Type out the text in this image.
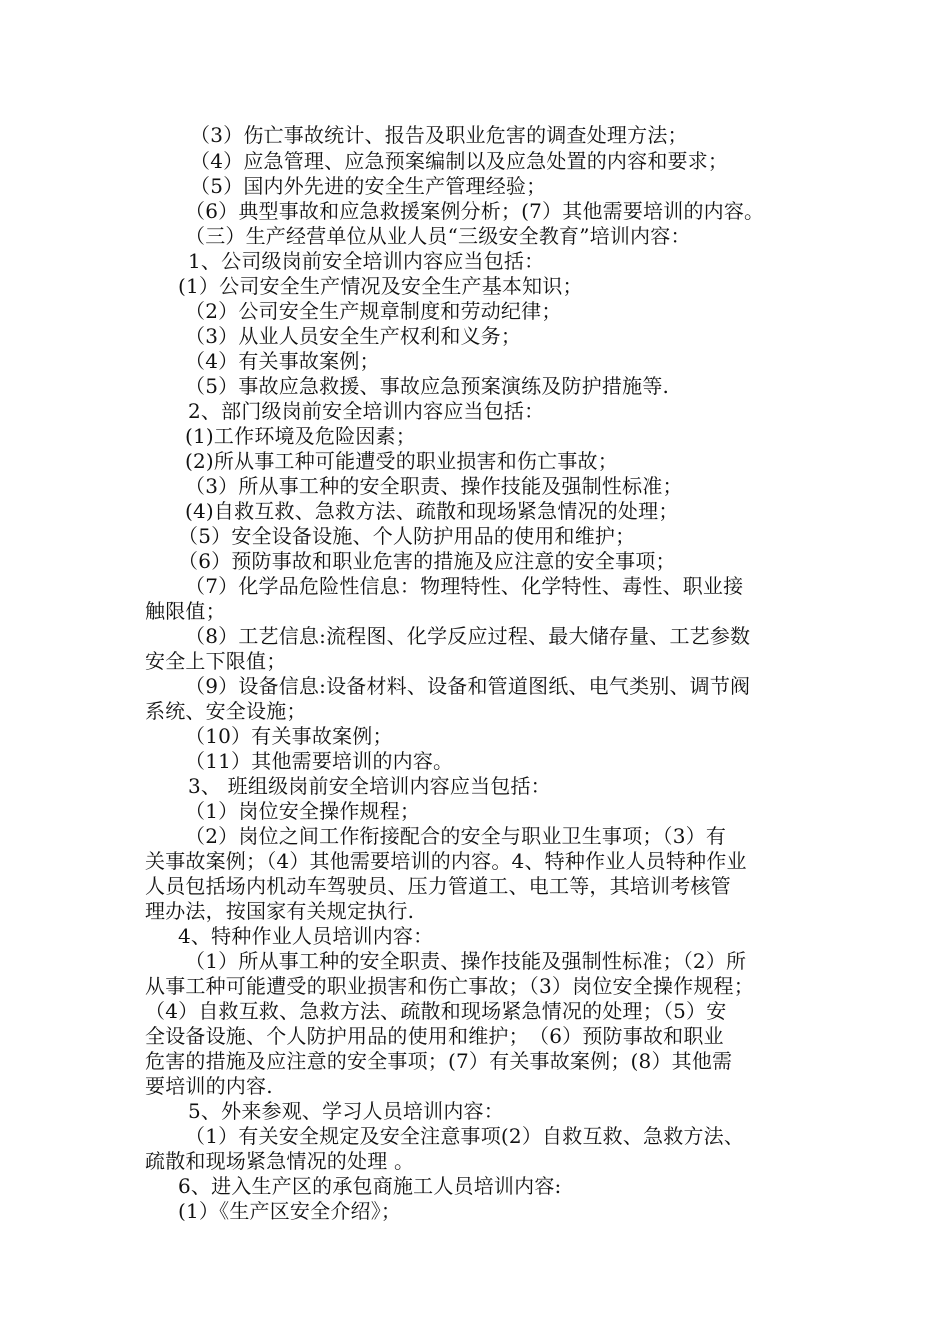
（3）伤亡事故统计、报告及职业危害的调查处理方法；
（4）应急管理、应急预案编制以及应急处置的内容和要求；
（5）国内外先进的安全生产管理经验；
（6）典型事故和应急救援案例分析；(7）其他需要培训的内容。
（三）生产经营单位从业人员“三级安全教育”培训内容：
1、公司级岗前安全培训内容应当包括：
(1）公司安全生产情况及安全生产基本知识；
（2）公司安全生产规章制度和劳动纪律；
（3）从业人员安全生产权利和义务；
（4）有关事故案例；
（5）事故应急救援、事故应急预案演练及防护措施等.
2、部门级岗前安全培训内容应当包括：
(1)工作环境及危险因素；
(2)所从事工种可能遭受的职业损害和伤亡事故；
（3）所从事工种的安全职责、操作技能及强制性标准；
(4)自救互救、急救方法、疏散和现场紧急情况的处理；
（5）安全设备设施、个人防护用品的使用和维护；
（6）预防事故和职业危害的措施及应注意的安全事项；
（7）化学品危险性信息：物理特性、化学特性、毒性、职业接
触限值；
（8）工艺信息:流程图、化学反应过程、最大储存量、工艺参数
安全上下限值；
（9）设备信息:设备材料、设备和管道图纸、电气类别、调节阀
系统、安全设施；
（10）有关事故案例；
（11）其他需要培训的内容。
3、 班组级岗前安全培训内容应当包括：
（1）岗位安全操作规程；
（2）岗位之间工作衔接配合的安全与职业卫生事项；（3）有
关事故案例；（4）其他需要培训的内容。4、特种作业人员特种作业
人员包括场内机动车驾驶员、压力管道工、电工等，其培训考核管
理办法，按国家有关规定执行.
4、特种作业人员培训内容：
（1）所从事工种的安全职责、操作技能及强制性标准；（2）所
从事工种可能遭受的职业损害和伤亡事故；（3）岗位安全操作规程；
（4）自救互救、急救方法、疏散和现场紧急情况的处理；（5）安
全设备设施、个人防护用品的使用和维护；　（6）预防事故和职业
危害的措施及应注意的安全事项；(7）有关事故案例；(8）其他需
要培训的内容.
5、外来参观、学习人员培训内容：
（1）有关安全规定及安全注意事项(2）自救互救、急救方法、
疏散和现场紧急情况的处理 。
6、进入生产区的承包商施工人员培训内容:
(1）《生产区安全介绍》；
